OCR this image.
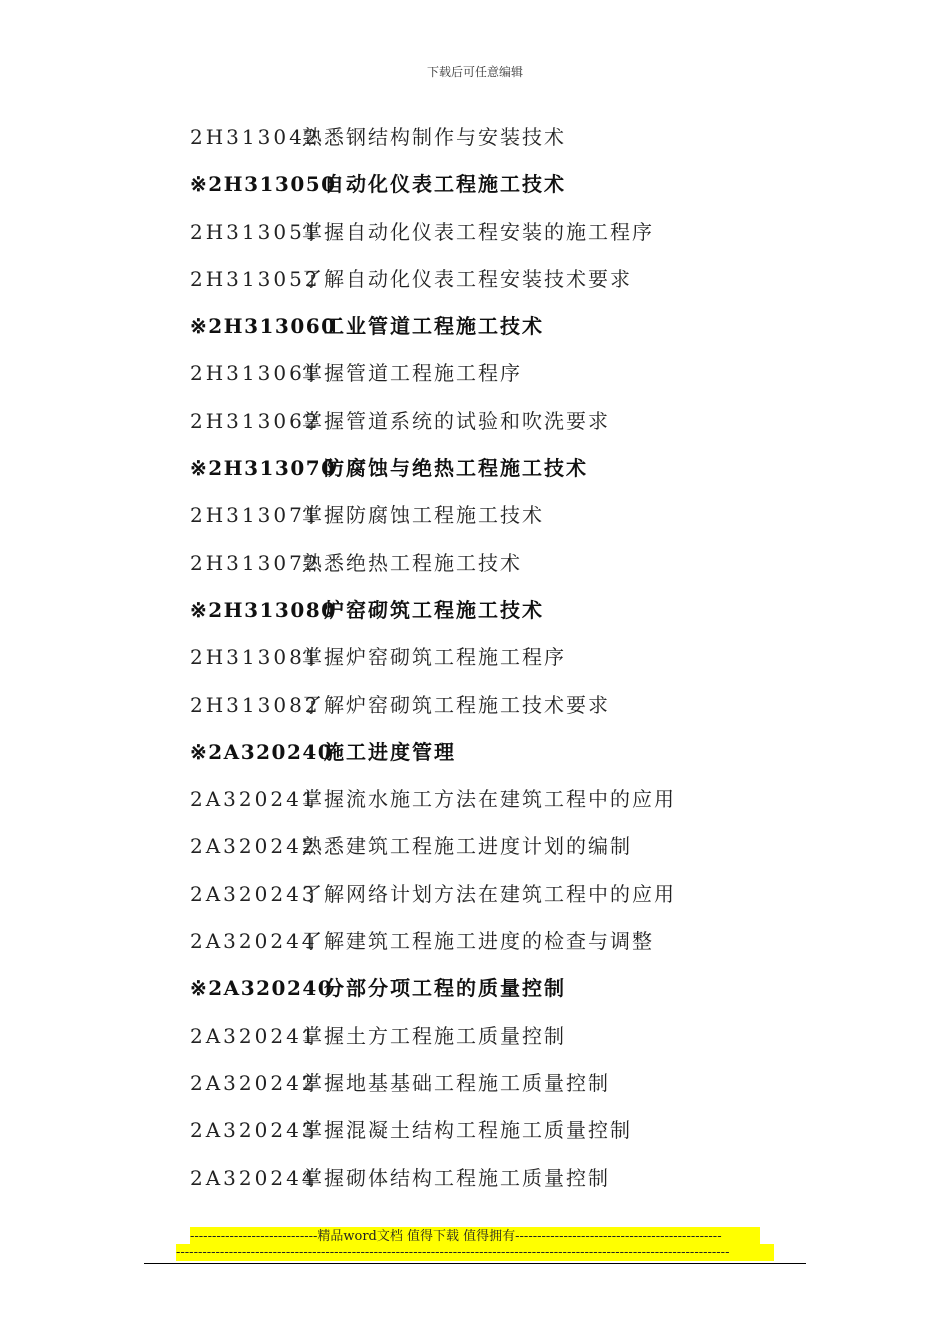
下载后可任意编辑
2H313042熟悉钢结构制作与安装技术
※2H313050自动化仪表工程施工技术
2H313051掌握自动化仪表工程安装的施工程序
2H313052了解自动化仪表工程安装技术要求
※2H313060工业管道工程施工技术
2H313061掌握管道工程施工程序
2H313062掌握管道系统的试验和吹洗要求
※2H313070防腐蚀与绝热工程施工技术
2H313071掌握防腐蚀工程施工技术
2H313072熟悉绝热工程施工技术
※2H313080炉窑砌筑工程施工技术
2H313081掌握炉窑砌筑工程施工程序
2H313082了解炉窑砌筑工程施工技术要求
※2A320240施工进度管理
2A320241掌握流水施工方法在建筑工程中的应用
2A320242熟悉建筑工程施工进度计划的编制
2A320243了解网络计划方法在建筑工程中的应用
2A320244了解建筑工程施工进度的检查与调整
※2A320240分部分项工程的质量控制
2A320241掌握土方工程施工质量控制
2A320242掌握地基基础工程施工质量控制
2A320243掌握混凝土结构工程施工质量控制
2A320244掌握砌体结构工程施工质量控制
-----------------------------精品word文档 值得下载 值得拥有-----------------------------------------------
------------------------------------------------------------------------------------------------------------------------------
